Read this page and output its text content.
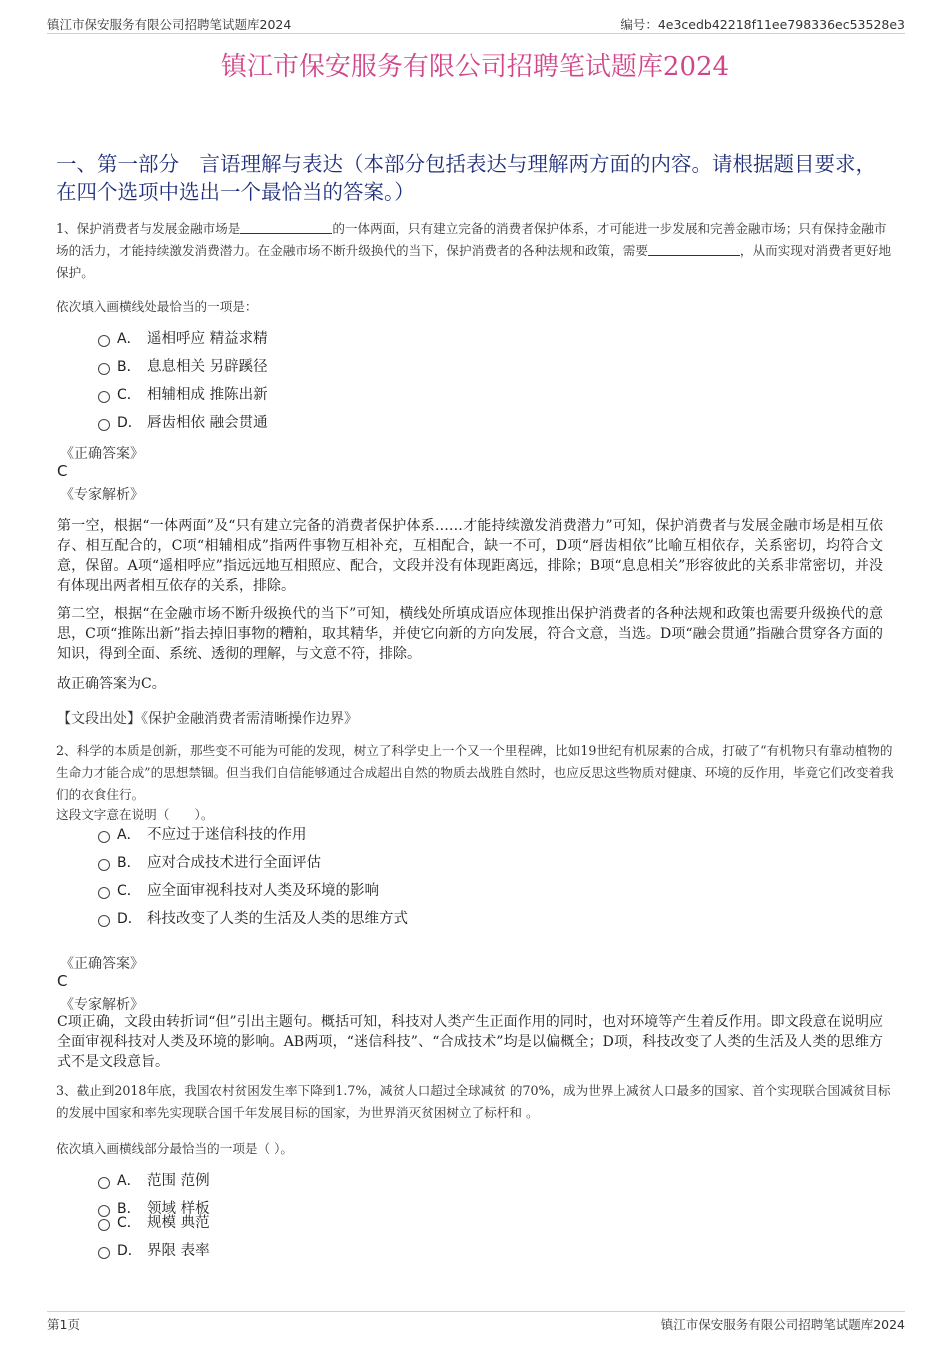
镇江市保安服务有限公司招聘笔试题库2024	编号：4e3cedb42218f11ee798336ec53528e3
镇江市保安服务有限公司招聘笔试题库2024
一、第一部分　言语理解与表达（本部分包括表达与理解两方面的内容。请根据题目要求，在四个选项中选出一个最恰当的答案。）
1、保护消费者与发展金融市场是	的一体两面，只有建立完备的消费者保护体系，才可能进一步发展和完善金融市场；只有保持金融市场的活力，才能持续激发消费潜力。在金融市场不断升级换代的当下，保护消费者的各种法规和政策，需要	，从而实现对消费者更好地保护。
依次填入画横线处最恰当的一项是：
A． 遥相呼应 精益求精
B． 息息相关 另辟蹊径
C． 相辅相成 推陈出新
D． 唇齿相依 融会贯通
《正确答案》
C
《专家解析》
第一空，根据“一体两面”及“只有建立完备的消费者保护体系……才能持续激发消费潜力”可知，保护消费者与发展金融市场是相互依存、相互配合的，C项“相辅相成”指两件事物互相补充，互相配合，缺一不可，D项“唇齿相依”比喻互相依存，关系密切，均符合文意，保留。A项“遥相呼应”指远远地互相照应、配合，文段并没有体现距离远，排除；B项“息息相关”形容彼此的关系非常密切，并没有体现出两者相互依存的关系，排除。
第二空，根据“在金融市场不断升级换代的当下”可知，横线处所填成语应体现推出保护消费者的各种法规和政策也需要升级换代的意思，C项“推陈出新”指去掉旧事物的糟粕，取其精华，并使它向新的方向发展，符合文意，当选。D项“融会贯通”指融合贯穿各方面的知识，得到全面、系统、透彻的理解，与文意不符，排除。
故正确答案为C。
【文段出处】《保护金融消费者需清晰操作边界》
2、科学的本质是创新，那些变不可能为可能的发现，树立了科学史上一个又一个里程碑，比如19世纪有机尿素的合成，打破了“有机物只有靠动植物的生命力才能合成”的思想禁锢。但当我们自信能够通过合成超出自然的物质去战胜自然时，也应反思这些物质对健康、环境的反作用，毕竟它们改变着我们的衣食住行。
这段文字意在说明（　　）。
A． 不应过于迷信科技的作用
B． 应对合成技术进行全面评估
C． 应全面审视科技对人类及环境的影响
D． 科技改变了人类的生活及人类的思维方式
《正确答案》
C
《专家解析》
C项正确，文段由转折词“但”引出主题句。概括可知，科技对人类产生正面作用的同时，也对环境等产生着反作用。即文段意在说明应全面审视科技对人类及环境的影响。AB两项，“迷信科技”、“合成技术”均是以偏概全；D项，科技改变了人类的生活及人类的思维方式不是文段意旨。
3、截止到2018年底，我国农村贫困发生率下降到1.7%，减贫人口超过全球减贫 的70%，成为世界上减贫人口最多的国家、首个实现联合国减贫目标的发展中国家和率先实现联合国千年发展目标的国家，为世界消灭贫困树立了标杆和 。
依次填入画横线部分最恰当的一项是（ ）。
A． 范围 范例
B． 领域 样板
C． 规模 典范
D． 界限 表率
第1页	镇江市保安服务有限公司招聘笔试题库2024
